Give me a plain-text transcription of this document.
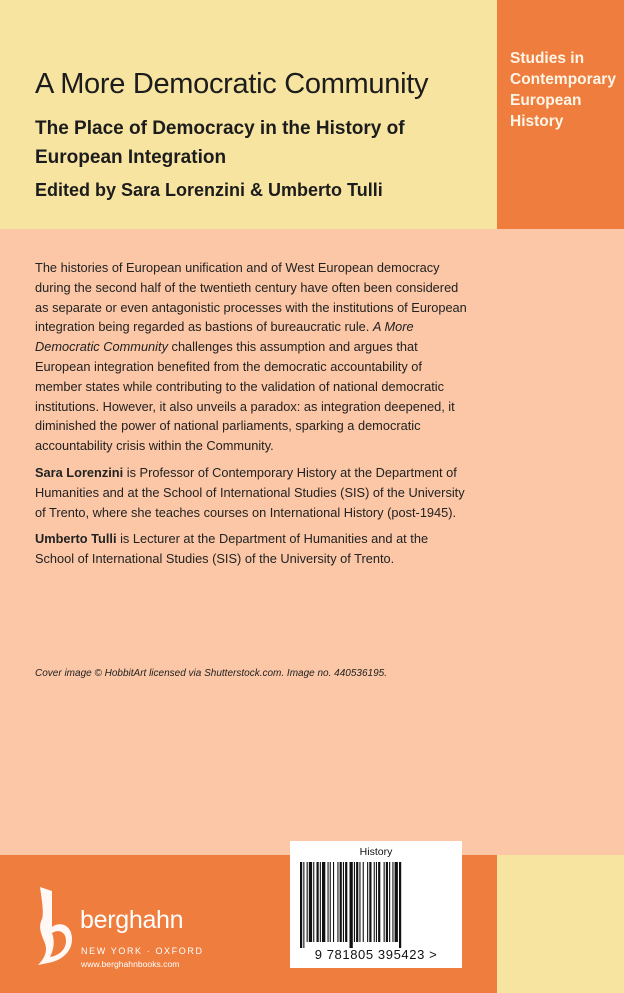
Studies in
Contemporary
European
History
A More Democratic Community
The Place of Democracy in the History of European Integration
Edited by Sara Lorenzini & Umberto Tulli

The histories of European unification and of West European democracy during the second half of the twentieth century have often been considered as separate or even antagonistic processes with the institutions of European integration being regarded as bastions of bureaucratic rule. A More Democratic Community challenges this assumption and argues that European integration benefited from the democratic accountability of member states while contributing to the validation of national democratic institutions. However, it also unveils a paradox: as integration deepened, it diminished the power of national parliaments, sparking a democratic accountability crisis within the Community.

Sara Lorenzini is Professor of Contemporary History at the Department of Humanities and at the School of International Studies (SIS) of the University of Trento, where she teaches courses on International History (post-1945).

Umberto Tulli is Lecturer at the Department of Humanities and at the School of International Studies (SIS) of the University of Trento.

Cover image © HobbitArt licensed via Shutterstock.com. Image no. 440536195.
berghahn
NEW YORK · OXFORD
www.berghahnbooks.com
History
9 781805 395423 >
